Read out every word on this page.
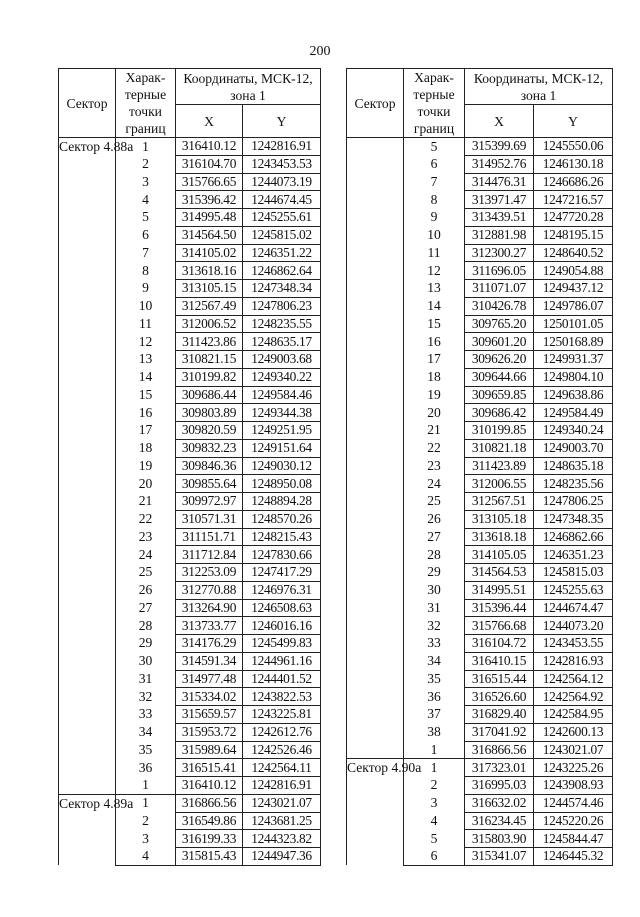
200
Сектор	Харак-терные точки границ	Координаты, МСК-12, зона 1	
		X	Y
Сектор 4.88а	1	316410.12	1242816.91
	2	316104.70	1243453.53
	3	315766.65	1244073.19
	4	315396.42	1244674.45
	5	314995.48	1245255.61
	6	314564.50	1245815.02
	7	314105.02	1246351.22
	8	313618.16	1246862.64
	9	313105.15	1247348.34
	10	312567.49	1247806.23
	11	312006.52	1248235.55
	12	311423.86	1248635.17
	13	310821.15	1249003.68
	14	310199.82	1249340.22
	15	309686.44	1249584.46
	16	309803.89	1249344.38
	17	309820.59	1249251.95
	18	309832.23	1249151.64
	19	309846.36	1249030.12
	20	309855.64	1248950.08
	21	309972.97	1248894.28
	22	310571.31	1248570.26
	23	311151.71	1248215.43
	24	311712.84	1247830.66
	25	312253.09	1247417.29
	26	312770.88	1246976.31
	27	313264.90	1246508.63
	28	313733.77	1246016.16
	29	314176.29	1245499.83
	30	314591.34	1244961.16
	31	314977.48	1244401.52
	32	315334.02	1243822.53
	33	315659.57	1243225.81
	34	315953.72	1242612.76
	35	315989.64	1242526.46
	36	316515.41	1242564.11
	1	316410.12	1242816.91
Сектор 4.89а	1	316866.56	1243021.07
	2	316549.86	1243681.25
	3	316199.33	1244323.82
	4	315815.43	1244947.36
Сектор	Харак-терные точки границ	Координаты, МСК-12, зона 1	
		X	Y
	5	315399.69	1245550.06
	6	314952.76	1246130.18
	7	314476.31	1246686.26
	8	313971.47	1247216.57
	9	313439.51	1247720.28
	10	312881.98	1248195.15
	11	312300.27	1248640.52
	12	311696.05	1249054.88
	13	311071.07	1249437.12
	14	310426.78	1249786.07
	15	309765.20	1250101.05
	16	309601.20	1250168.89
	17	309626.20	1249931.37
	18	309644.66	1249804.10
	19	309659.85	1249638.86
	20	309686.42	1249584.49
	21	310199.85	1249340.24
	22	310821.18	1249003.70
	23	311423.89	1248635.18
	24	312006.55	1248235.56
	25	312567.51	1247806.25
	26	313105.18	1247348.35
	27	313618.18	1246862.66
	28	314105.05	1246351.23
	29	314564.53	1245815.03
	30	314995.51	1245255.63
	31	315396.44	1244674.47
	32	315766.68	1244073.20
	33	316104.72	1243453.55
	34	316410.15	1242816.93
	35	316515.44	1242564.12
	36	316526.60	1242564.92
	37	316829.40	1242584.95
	38	317041.92	1242600.13
	1	316866.56	1243021.07
Сектор 4.90а	1	317323.01	1243225.26
	2	316995.03	1243908.93
	3	316632.02	1244574.46
	4	316234.45	1245220.26
	5	315803.90	1245844.47
	6	315341.07	1246445.32
